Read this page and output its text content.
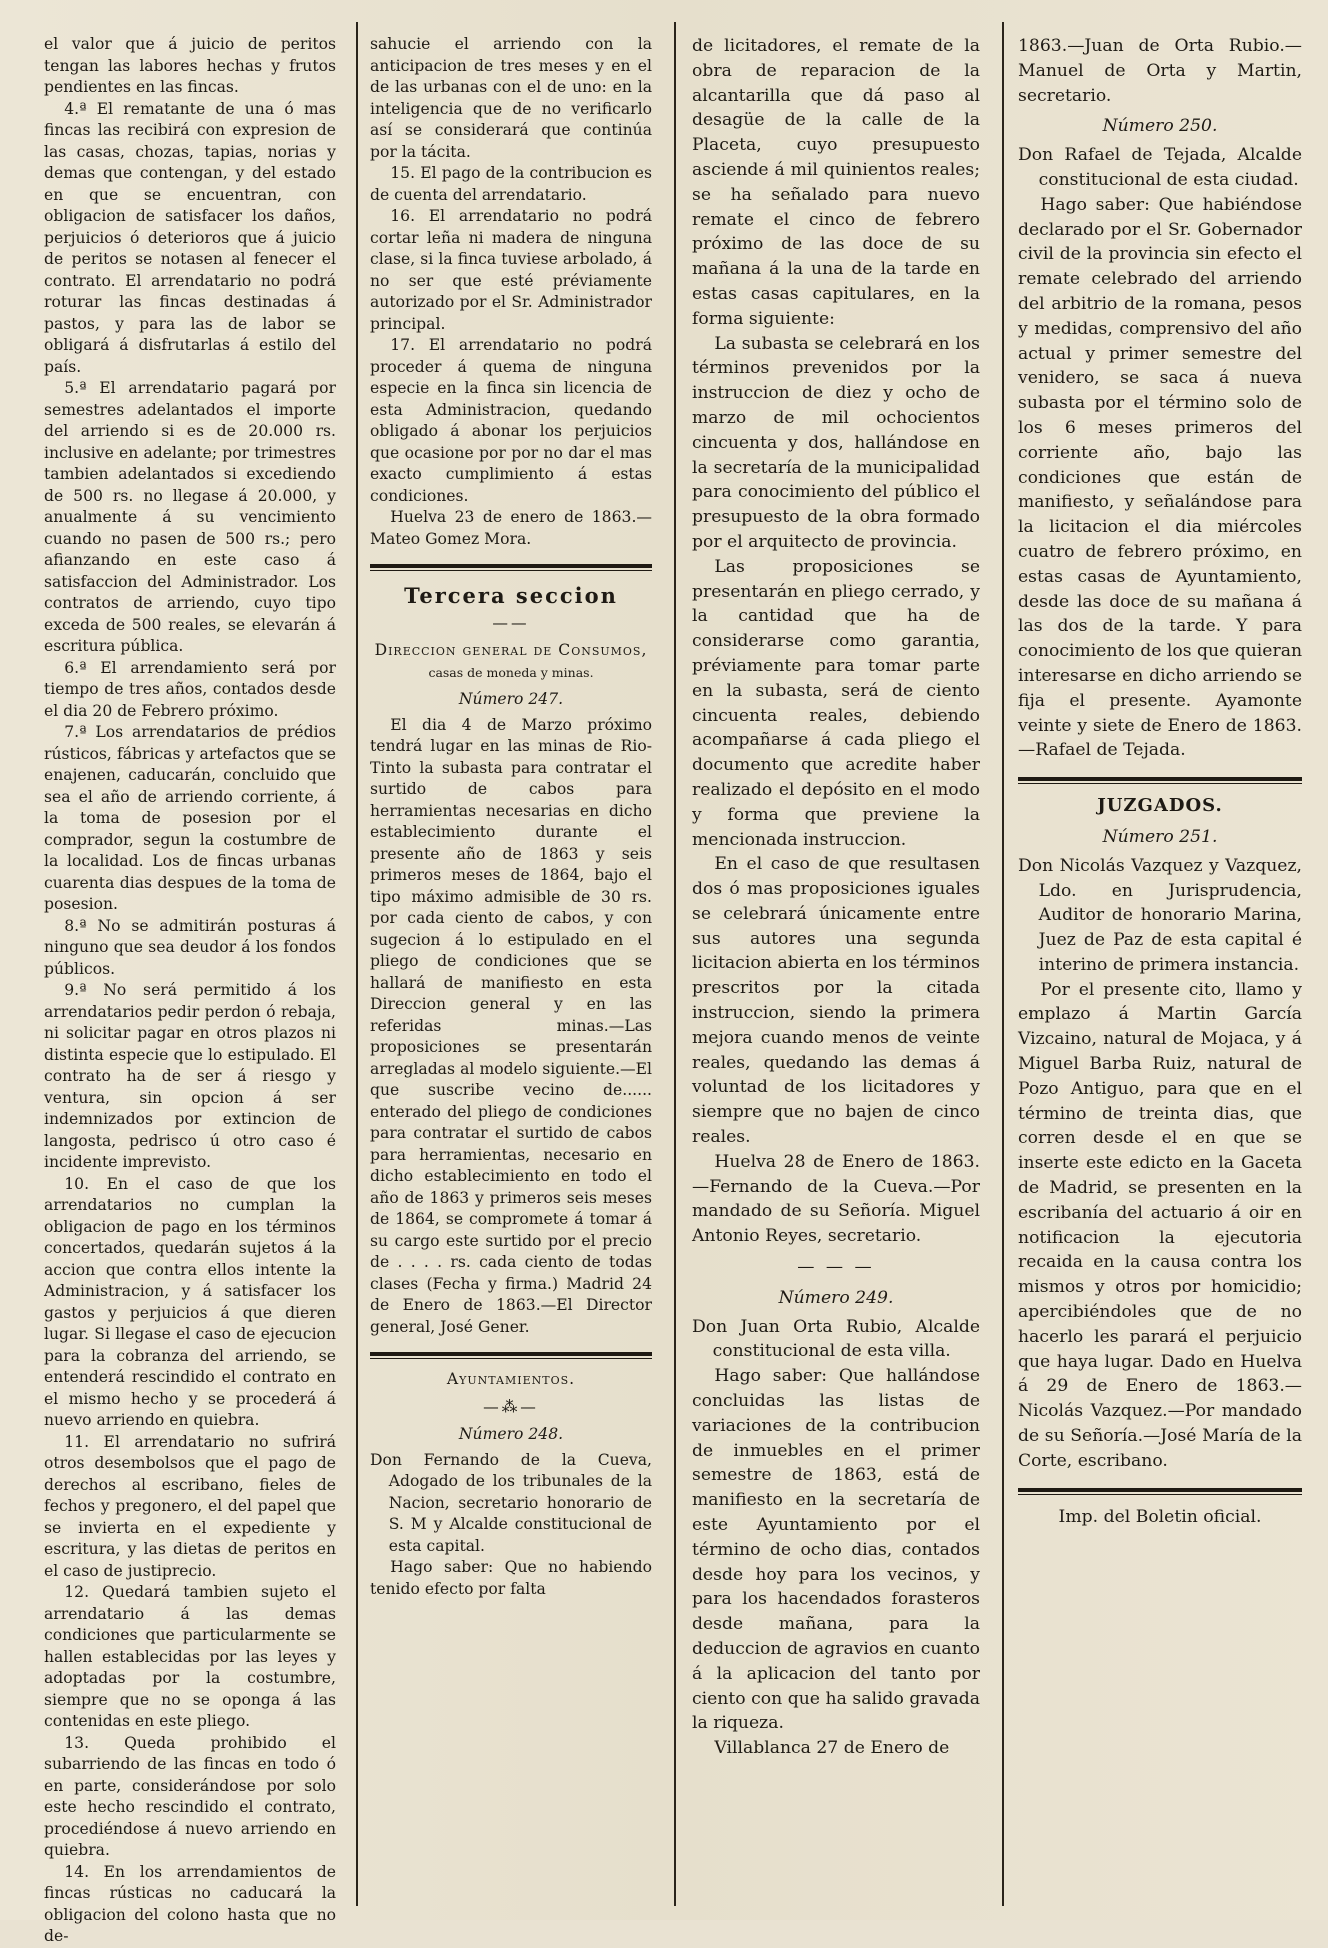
el valor que á juicio de peritos tengan las labores hechas y frutos pendientes en las fincas.

4.ª El rematante de una ó mas fincas las recibirá con expresion de las casas, chozas, tapias, norias y demas que contengan, y del estado en que se encuentran, con obligacion de satisfacer los daños, perjuicios ó deterioros que á juicio de peritos se notasen al fenecer el contrato. El arrendatario no podrá roturar las fincas destinadas á pastos, y para las de labor se obligará á disfrutarlas á estilo del país.

5.ª El arrendatario pagará por semestres adelantados el importe del arriendo si es de 20.000 rs. inclusive en adelante; por trimestres tambien adelantados si excediendo de 500 rs. no llegase á 20.000, y anualmente á su vencimiento cuando no pasen de 500 rs.; pero afianzando en este caso á satisfaccion del Administrador. Los contratos de arriendo, cuyo tipo exceda de 500 reales, se elevarán á escritura pública.

6.ª El arrendamiento será por tiempo de tres años, contados desde el dia 20 de Febrero próximo.

7.ª Los arrendatarios de prédios rústicos, fábricas y artefactos que se enajenen, caducarán, concluido que sea el año de arriendo corriente, á la toma de posesion por el comprador, segun la costumbre de la localidad. Los de fincas urbanas cuarenta dias despues de la toma de posesion.

8.ª No se admitirán posturas á ninguno que sea deudor á los fondos públicos.

9.ª No será permitido á los arrendatarios pedir perdon ó rebaja, ni solicitar pagar en otros plazos ni distinta especie que lo estipulado. El contrato ha de ser á riesgo y ventura, sin opcion á ser indemnizados por extincion de langosta, pedrisco ú otro caso é incidente imprevisto.

10. En el caso de que los arrendatarios no cumplan la obligacion de pago en los términos concertados, quedarán sujetos á la accion que contra ellos intente la Administracion, y á satisfacer los gastos y perjuicios á que dieren lugar. Si llegase el caso de ejecucion para la cobranza del arriendo, se entenderá rescindido el contrato en el mismo hecho y se procederá á nuevo arriendo en quiebra.

11. El arrendatario no sufrirá otros desembolsos que el pago de derechos al escribano, fieles de fechos y pregonero, el del papel que se invierta en el expediente y escritura, y las dietas de peritos en el caso de justiprecio.

12. Quedará tambien sujeto el arrendatario á las demas condiciones que particularmente se hallen establecidas por las leyes y adoptadas por la costumbre, siempre que no se oponga á las contenidas en este pliego.

13. Queda prohibido el subarriendo de las fincas en todo ó en parte, considerándose por solo este hecho rescindido el contrato, procediéndose á nuevo arriendo en quiebra.

14. En los arrendamientos de fincas rústicas no caducará la obligacion del colono hasta que no de-

sahucie el arriendo con la anticipacion de tres meses y en el de las urbanas con el de uno: en la inteligencia que de no verificarlo así se considerará que continúa por la tácita.

15. El pago de la contribucion es de cuenta del arrendatario.

16. El arrendatario no podrá cortar leña ni madera de ninguna clase, si la finca tuviese arbolado, á no ser que esté préviamente autorizado por el Sr. Administrador principal.

17. El arrendatario no podrá proceder á quema de ninguna especie en la finca sin licencia de esta Administracion, quedando obligado á abonar los perjuicios que ocasione por por no dar el mas exacto cumplimiento á estas condiciones.

Huelva 23 de enero de 1863.—Mateo Gomez Mora.

Tercera seccion

——

Direccion general de Consumos,

casas de moneda y minas.

Número 247.

El dia 4 de Marzo próximo tendrá lugar en las minas de Rio-Tinto la subasta para contratar el surtido de cabos para herramientas necesarias en dicho establecimiento durante el presente año de 1863 y seis primeros meses de 1864, bajo el tipo máximo admisible de 30 rs. por cada ciento de cabos, y con sugecion á lo estipulado en el pliego de condiciones que se hallará de manifiesto en esta Direccion general y en las referidas minas.—Las proposiciones se presentarán arregladas al modelo siguiente.—El que suscribe vecino de...... enterado del pliego de condiciones para contratar el surtido de cabos para herramientas, necesario en dicho establecimiento en todo el año de 1863 y primeros seis meses de 1864, se compromete á tomar á su cargo este surtido por el precio de . . . . rs. cada ciento de todas clases (Fecha y firma.) Madrid 24 de Enero de 1863.—El Director general, José Gener.

Ayuntamientos.

—⁂—

Número 248.

Don Fernando de la Cueva, Adogado de los tribunales de la Nacion, secretario honorario de S. M y Alcalde constitucional de esta capital.

Hago saber: Que no habiendo tenido efecto por falta

de licitadores, el remate de la obra de reparacion de la alcantarilla que dá paso al desagüe de la calle de la Placeta, cuyo presupuesto asciende á mil quinientos reales; se ha señalado para nuevo remate el cinco de febrero próximo de las doce de su mañana á la una de la tarde en estas casas capitulares, en la forma siguiente:

La subasta se celebrará en los términos prevenidos por la instruccion de diez y ocho de marzo de mil ochocientos cincuenta y dos, hallándose en la secretaría de la municipalidad para conocimiento del público el presupuesto de la obra formado por el arquitecto de provincia.

Las proposiciones se presentarán en pliego cerrado, y la cantidad que ha de considerarse como garantia, préviamente para tomar parte en la subasta, será de ciento cincuenta reales, debiendo acompañarse á cada pliego el documento que acredite haber realizado el depósito en el modo y forma que previene la mencionada instruccion.

En el caso de que resultasen dos ó mas proposiciones iguales se celebrará únicamente entre sus autores una segunda licitacion abierta en los términos prescritos por la citada instruccion, siendo la primera mejora cuando menos de veinte reales, quedando las demas á voluntad de los licitadores y siempre que no bajen de cinco reales.

Huelva 28 de Enero de 1863.—Fernando de la Cueva.—Por mandado de su Señoría. Miguel Antonio Reyes, secretario.

— — —

Número 249.

Don Juan Orta Rubio, Alcalde constitucional de esta villa.

Hago saber: Que hallándose concluidas las listas de variaciones de la contribucion de inmuebles en el primer semestre de 1863, está de manifiesto en la secretaría de este Ayuntamiento por el término de ocho dias, contados desde hoy para los vecinos, y para los hacendados forasteros desde mañana, para la deduccion de agravios en cuanto á la aplicacion del tanto por ciento con que ha salido gravada la riqueza.

Villablanca 27 de Enero de

1863.—Juan de Orta Rubio.—Manuel de Orta y Martin, secretario.

Número 250.

Don Rafael de Tejada, Alcalde constitucional de esta ciudad.

Hago saber: Que habiéndose declarado por el Sr. Gobernador civil de la provincia sin efecto el remate celebrado del arriendo del arbitrio de la romana, pesos y medidas, comprensivo del año actual y primer semestre del venidero, se saca á nueva subasta por el término solo de los 6 meses primeros del corriente año, bajo las condiciones que están de manifiesto, y señalándose para la licitacion el dia miércoles cuatro de febrero próximo, en estas casas de Ayuntamiento, desde las doce de su mañana á las dos de la tarde. Y para conocimiento de los que quieran interesarse en dicho arriendo se fija el presente. Ayamonte veinte y siete de Enero de 1863.—Rafael de Tejada.

JUZGADOS.

Número 251.

Don Nicolás Vazquez y Vazquez, Ldo. en Jurisprudencia, Auditor de honorario Marina, Juez de Paz de esta capital é interino de primera instancia.

Por el presente cito, llamo y emplazo á Martin García Vizcaino, natural de Mojaca, y á Miguel Barba Ruiz, natural de Pozo Antiguo, para que en el término de treinta dias, que corren desde el en que se inserte este edicto en la Gaceta de Madrid, se presenten en la escribanía del actuario á oir en notificacion la ejecutoria recaida en la causa contra los mismos y otros por homicidio; apercibiéndoles que de no hacerlo les parará el perjuicio que haya lugar. Dado en Huelva á 29 de Enero de 1863.—Nicolás Vazquez.—Por mandado de su Señoría.—José María de la Corte, escribano.

Imp. del Boletin oficial.
